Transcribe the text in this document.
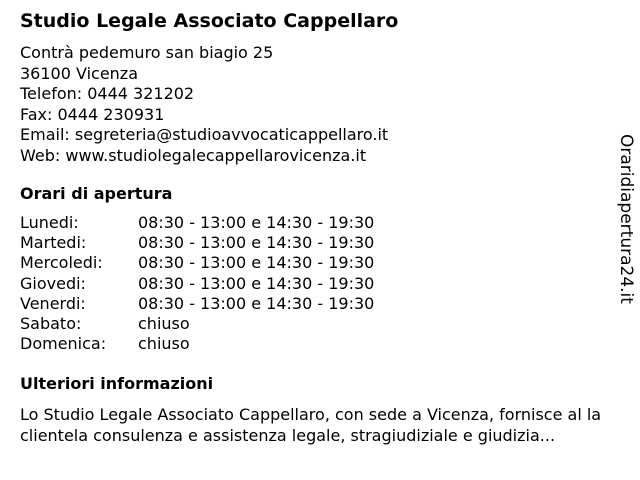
Studio Legale Associato Cappellaro
Contrà pedemuro san biagio 25
36100 Vicenza
Telefon: 0444 321202
Fax: 0444 230931
Email: segreteria@studioavvocaticappellaro.it
Web: www.studiolegalecappellarovicenza.it
Orari di apertura
Lunedi:	08:30 - 13:00 e 14:30 - 19:30
Martedi:	08:30 - 13:00 e 14:30 - 19:30
Mercoledi:	08:30 - 13:00 e 14:30 - 19:30
Giovedi:	08:30 - 13:00 e 14:30 - 19:30
Venerdi:	08:30 - 13:00 e 14:30 - 19:30
Sabato:	chiuso
Domenica:	chiuso
Ulteriori informazioni

Lo Studio Legale Associato Cappellaro, con sede a Vicenza, fornisce al la clientela consulenza e assistenza legale, stragiudiziale e giudizia...

Oraridiapertura24.it
